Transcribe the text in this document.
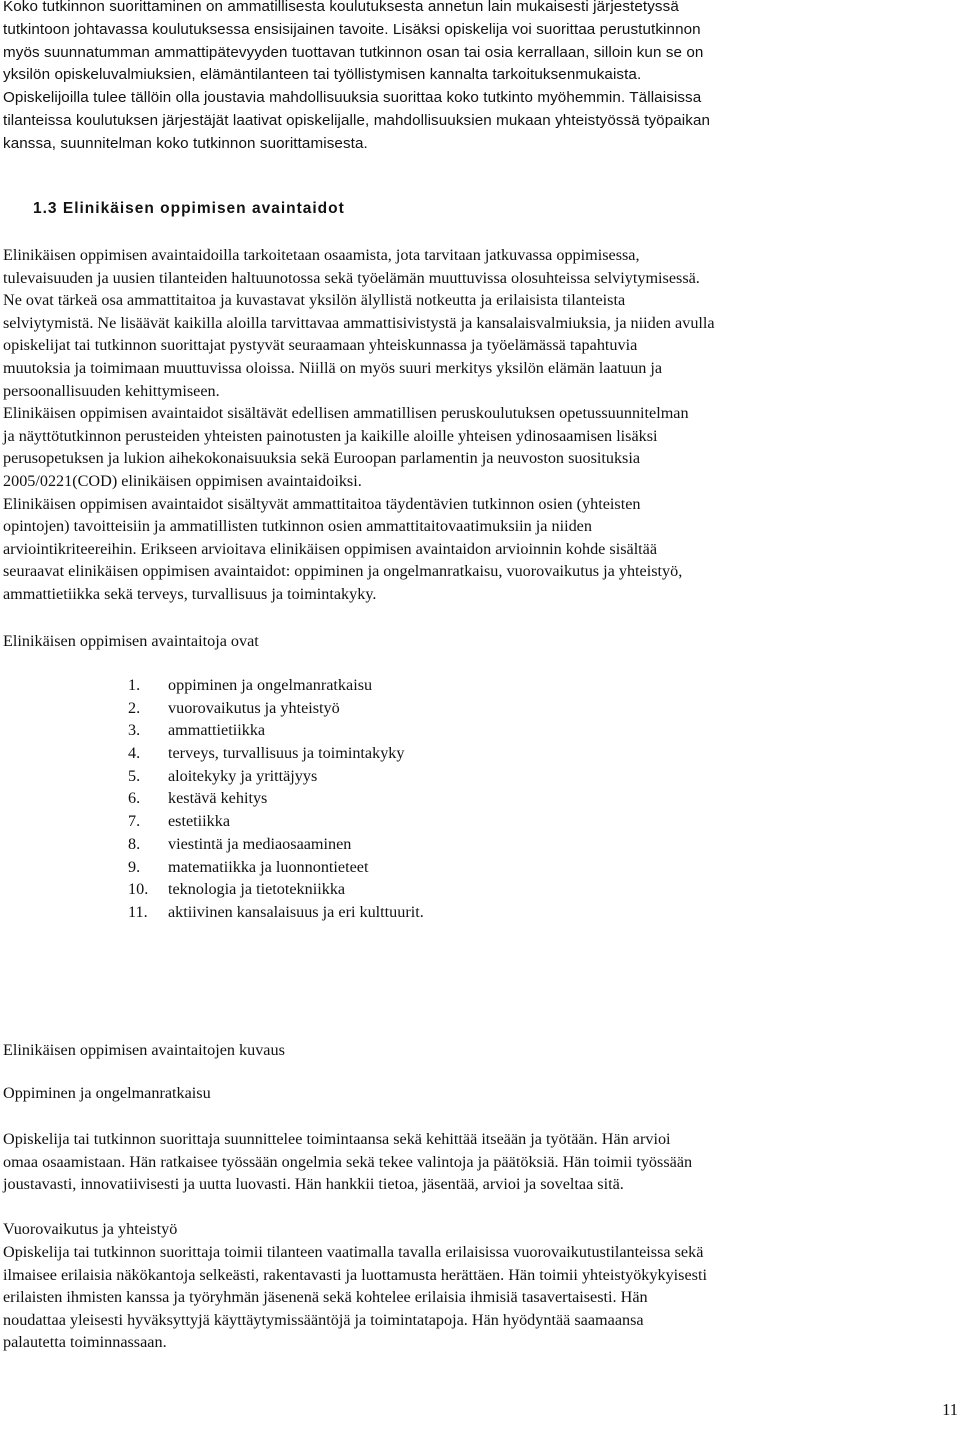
Koko tutkinnon suorittaminen on ammatillisesta koulutuksesta annetun lain mukaisesti järjestetyssä
tutkintoon johtavassa koulutuksessa ensisijainen tavoite. Lisäksi opiskelija voi suorittaa perustutkinnon
myös suunnatumman ammattipätevyyden tuottavan tutkinnon osan tai osia kerrallaan, silloin kun se on
yksilön opiskeluvalmiuksien, elämäntilanteen tai työllistymisen kannalta tarkoituksenmukaista.
Opiskelijoilla tulee tällöin olla joustavia mahdollisuuksia suorittaa koko tutkinto myöhemmin. Tällaisissa
tilanteissa koulutuksen järjestäjät laativat opiskelijalle, mahdollisuuksien mukaan yhteistyössä työpaikan
kanssa, suunnitelman koko tutkinnon suorittamisesta.

1.3 Elinikäisen oppimisen avaintaidot

Elinikäisen oppimisen avaintaidoilla tarkoitetaan osaamista, jota tarvitaan jatkuvassa oppimisessa,
tulevaisuuden ja uusien tilanteiden haltuunotossa sekä työelämän muuttuvissa olosuhteissa selviytymisessä.
Ne ovat tärkeä osa ammattitaitoa ja kuvastavat yksilön älyllistä notkeutta ja erilaisista tilanteista
selviytymistä. Ne lisäävät kaikilla aloilla tarvittavaa ammattisivistystä ja kansalaisvalmiuksia, ja niiden avulla
opiskelijat tai tutkinnon suorittajat pystyvät seuraamaan yhteiskunnassa ja työelämässä tapahtuvia
muutoksia ja toimimaan muuttuvissa oloissa. Niillä on myös suuri merkitys yksilön elämän laatuun ja
persoonallisuuden kehittymiseen.
Elinikäisen oppimisen avaintaidot sisältävät edellisen ammatillisen peruskoulutuksen opetussuunnitelman
ja näyttötutkinnon perusteiden yhteisten painotusten ja kaikille aloille yhteisen ydinosaamisen lisäksi
perusopetuksen ja lukion aihekokonaisuuksia sekä Euroopan parlamentin ja neuvoston suosituksia
2005/0221(COD) elinikäisen oppimisen avaintaidoiksi.
Elinikäisen oppimisen avaintaidot sisältyvät ammattitaitoa täydentävien tutkinnon osien (yhteisten
opintojen) tavoitteisiin ja ammatillisten tutkinnon osien ammattitaitovaatimuksiin ja niiden
arviointikriteereihin. Erikseen arvioitava elinikäisen oppimisen avaintaidon arvioinnin kohde sisältää
seuraavat elinikäisen oppimisen avaintaidot: oppiminen ja ongelmanratkaisu, vuorovaikutus ja yhteistyö,
ammattietiikka sekä terveys, turvallisuus ja toimintakyky.

Elinikäisen oppimisen avaintaitoja ovat

1. oppiminen ja ongelmanratkaisu
2. vuorovaikutus ja yhteistyö
3. ammattietiikka
4. terveys, turvallisuus ja toimintakyky
5. aloitekyky ja yrittäjyys
6. kestävä kehitys
7. estetiikka
8. viestintä ja mediaosaaminen
9. matematiikka ja luonnontieteet
10. teknologia ja tietotekniikka
11. aktiivinen kansalaisuus ja eri kulttuurit.

Elinikäisen oppimisen avaintaitojen kuvaus

Oppiminen ja ongelmanratkaisu

Opiskelija tai tutkinnon suorittaja suunnittelee toimintaansa sekä kehittää itseään ja työtään. Hän arvioi
omaa osaamistaan. Hän ratkaisee työssään ongelmia sekä tekee valintoja ja päätöksiä. Hän toimii työssään
joustavasti, innovatiivisesti ja uutta luovasti. Hän hankkii tietoa, jäsentää, arvioi ja soveltaa sitä.

Vuorovaikutus ja yhteistyö

Opiskelija tai tutkinnon suorittaja toimii tilanteen vaatimalla tavalla erilaisissa vuorovaikutustilanteissa sekä
ilmaisee erilaisia näkökantoja selkeästi, rakentavasti ja luottamusta herättäen. Hän toimii yhteistyökykyisesti
erilaisten ihmisten kanssa ja työryhmän jäsenenä sekä kohtelee erilaisia ihmisiä tasavertaisesti. Hän
noudattaa yleisesti hyväksyttyjä käyttäytymissääntöjä ja toimintatapoja. Hän hyödyntää saamaansa
palautetta toiminnassaan.

11
